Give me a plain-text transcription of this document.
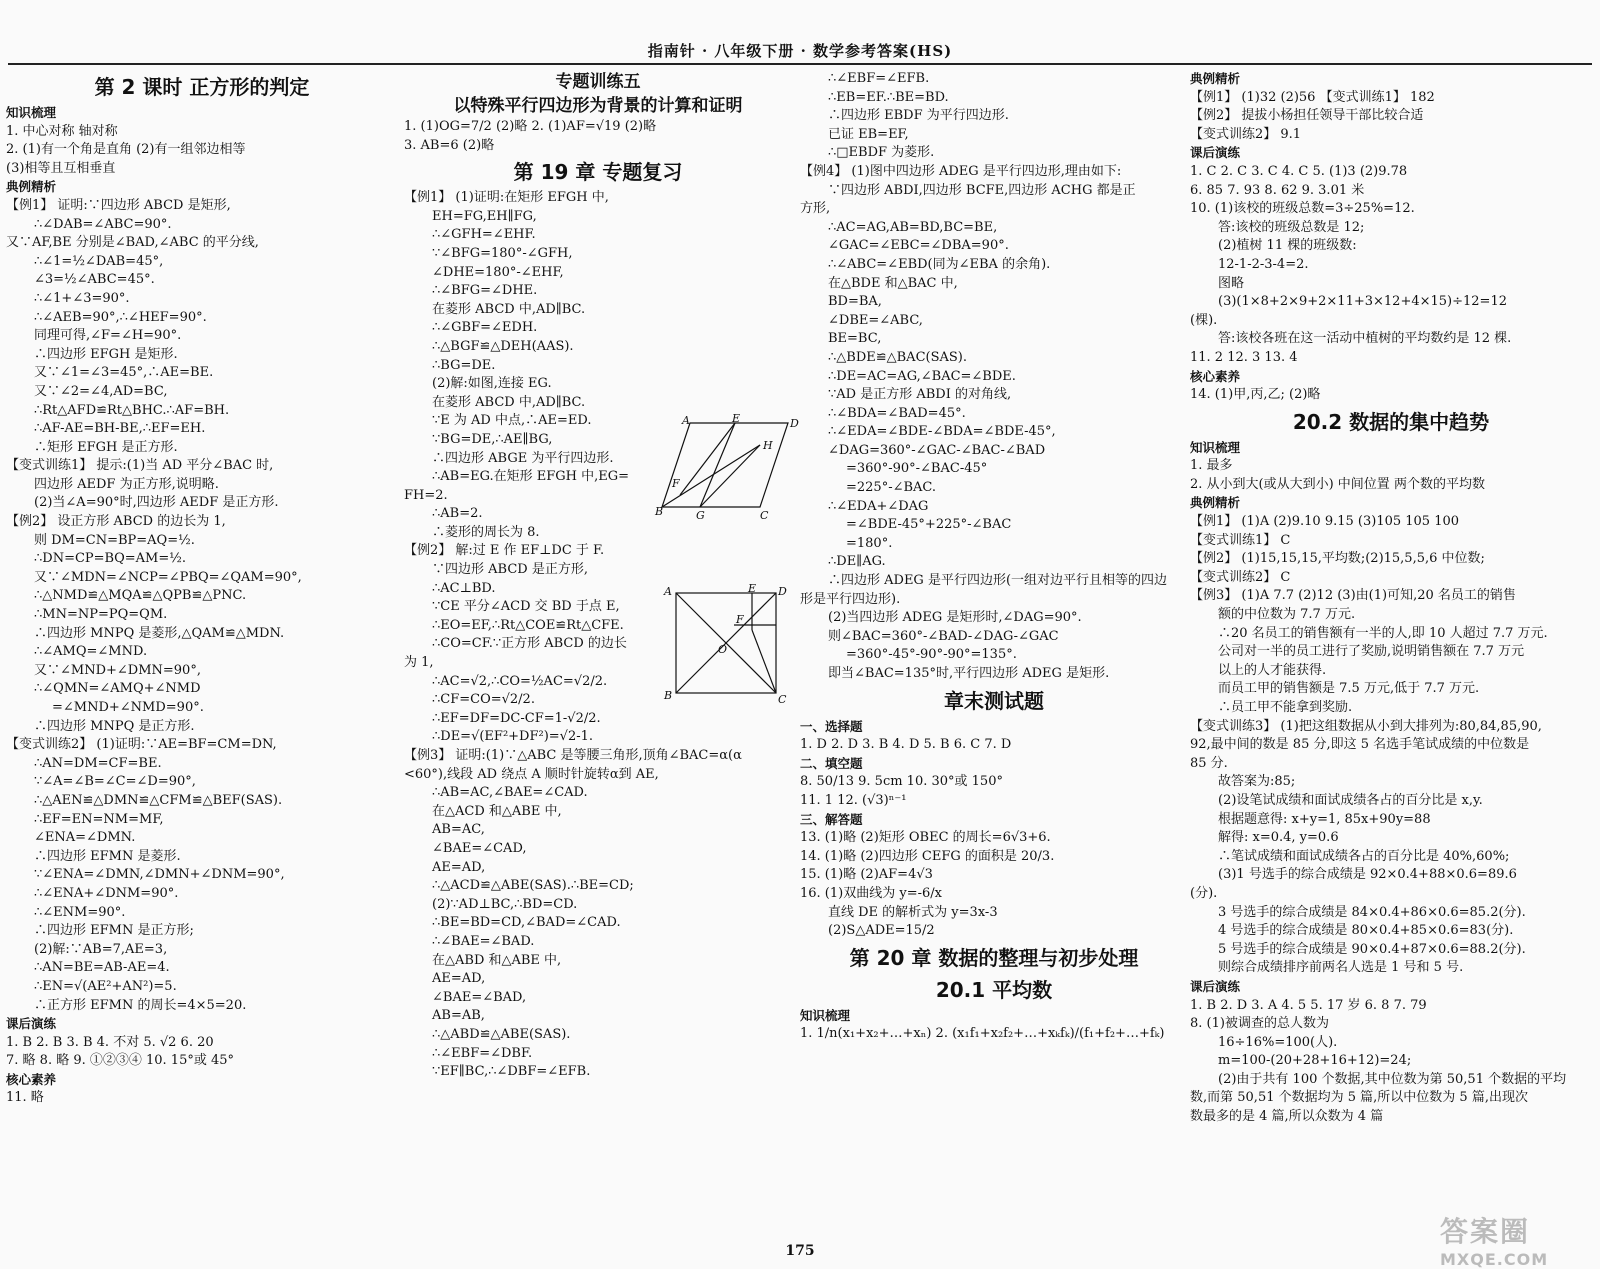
指南针 · 八年级下册 · 数学参考答案(HS)
第 2 课时 正方形的判定
知识梳理
1. 中心对称 轴对称
2. (1)有一个角是直角 (2)有一组邻边相等
(3)相等且互相垂直
典例精析
【例1】 证明:∵四边形 ABCD 是矩形,
∴∠DAB=∠ABC=90°.
又∵AF,BE 分别是∠BAD,∠ABC 的平分线,
∴∠1=½∠DAB=45°,
∠3=½∠ABC=45°.
∴∠1+∠3=90°.
∴∠AEB=90°,∴∠HEF=90°.
同理可得,∠F=∠H=90°.
∴四边形 EFGH 是矩形.
又∵∠1=∠3=45°,∴AE=BE.
又∵∠2=∠4,AD=BC,
∴Rt△AFD≌Rt△BHC.∴AF=BH.
∴AF-AE=BH-BE,∴EF=EH.
∴矩形 EFGH 是正方形.
【变式训练1】 提示:(1)当 AD 平分∠BAC 时,
四边形 AEDF 为正方形,说明略.
(2)当∠A=90°时,四边形 AEDF 是正方形.
【例2】 设正方形 ABCD 的边长为 1,
则 DM=CN=BP=AQ=½.
∴DN=CP=BQ=AM=½.
又∵∠MDN=∠NCP=∠PBQ=∠QAM=90°,
∴△NMD≌△MQA≌△QPB≌△PNC.
∴MN=NP=PQ=QM.
∴四边形 MNPQ 是菱形,△QAM≌△MDN.
∴∠AMQ=∠MND.
又∵∠MND+∠DMN=90°,
∴∠QMN=∠AMQ+∠NMD
=∠MND+∠NMD=90°.
∴四边形 MNPQ 是正方形.
【变式训练2】 (1)证明:∵AE=BF=CM=DN,
∴AN=DM=CF=BE.
∵∠A=∠B=∠C=∠D=90°,
∴△AEN≌△DMN≌△CFM≌△BEF(SAS).
∴EF=EN=NM=MF,
∠ENA=∠DMN.
∴四边形 EFMN 是菱形.
∵∠ENA=∠DMN,∠DMN+∠DNM=90°,
∴∠ENA+∠DNM=90°.
∴∠ENM=90°.
∴四边形 EFMN 是正方形;
(2)解:∵AB=7,AE=3,
∴AN=BE=AB-AE=4.
∴EN=√(AE²+AN²)=5.
∴正方形 EFMN 的周长=4×5=20.
课后演练
1. B 2. B 3. B 4. 不对 5. √2 6. 20
7. 略 8. 略 9. ①②③④ 10. 15°或 45°
核心素养
11. 略
专题训练五
以特殊平行四边形为背景的计算和证明
1. (1)OG=7/2 (2)略 2. (1)AF=√19 (2)略
3. AB=6 (2)略
第 19 章 专题复习
【例1】 (1)证明:在矩形 EFGH 中,
EH=FG,EH∥FG,
∴∠GFH=∠EHF.
∵∠BFG=180°-∠GFH,
∠DHE=180°-∠EHF,
∴∠BFG=∠DHE.
在菱形 ABCD 中,AD∥BC.
∴∠GBF=∠EDH.
∴△BGF≌△DEH(AAS).
∴BG=DE.
(2)解:如图,连接 EG.
在菱形 ABCD 中,AD∥BC.
∵E 为 AD 中点,∴AE=ED.
∵BG=DE,∴AE∥BG,
∴四边形 ABGE 为平行四边形.
∴AB=EG.在矩形 EFGH 中,EG=
FH=2.
∴AB=2.
∴菱形的周长为 8.
【例2】 解:过 E 作 EF⊥DC 于 F.
∵四边形 ABCD 是正方形,
∴AC⊥BD.
∵CE 平分∠ACD 交 BD 于点 E,
∴EO=EF,∴Rt△COE≌Rt△CFE.
∴CO=CF.∵正方形 ABCD 的边长
为 1,
∴AC=√2,∴CO=½AC=√2/2.
∴CF=CO=√2/2.
∴EF=DF=DC-CF=1-√2/2.
∴DE=√(EF²+DF²)=√2-1.
【例3】 证明:(1)∵△ABC 是等腰三角形,顶角∠BAC=α(α
<60°),线段 AD 绕点 A 顺时针旋转α到 AE,
∴AB=AC,∠BAE=∠CAD.
在△ACD 和△ABE 中,
AB=AC,
∠BAE=∠CAD,
AE=AD,
∴△ACD≌△ABE(SAS).∴BE=CD;
(2)∵AD⊥BC,∴BD=CD.
∴BE=BD=CD,∠BAD=∠CAD.
∴∠BAE=∠BAD.
在△ABD 和△ABE 中,
AE=AD,
∠BAE=∠BAD,
AB=AB,
∴△ABD≌△ABE(SAS).
∴∠EBF=∠DBF.
∵EF∥BC,∴∠DBF=∠EFB.
∴∠EBF=∠EFB.
∴EB=EF.∴BE=BD.
∴四边形 EBDF 为平行四边形.
已证 EB=EF,
∴□EBDF 为菱形.
【例4】 (1)图中四边形 ADEG 是平行四边形,理由如下:
∵四边形 ABDI,四边形 BCFE,四边形 ACHG 都是正
方形,
∴AC=AG,AB=BD,BC=BE,
∠GAC=∠EBC=∠DBA=90°.
∴∠ABC=∠EBD(同为∠EBA 的余角).
在△BDE 和△BAC 中,
BD=BA,
∠DBE=∠ABC,
BE=BC,
∴△BDE≌△BAC(SAS).
∴DE=AC=AG,∠BAC=∠BDE.
∵AD 是正方形 ABDI 的对角线,
∴∠BDA=∠BAD=45°.
∴∠EDA=∠BDE-∠BDA=∠BDE-45°,
∠DAG=360°-∠GAC-∠BAC-∠BAD
=360°-90°-∠BAC-45°
=225°-∠BAC.
∴∠EDA+∠DAG
=∠BDE-45°+225°-∠BAC
=180°.
∴DE∥AG.
∴四边形 ADEG 是平行四边形(一组对边平行且相等的四边
形是平行四边形).
(2)当四边形 ADEG 是矩形时,∠DAG=90°.
则∠BAC=360°-∠BAD-∠DAG-∠GAC
=360°-45°-90°-90°=135°.
即当∠BAC=135°时,平行四边形 ADEG 是矩形.
章末测试题
一、选择题
1. D 2. D 3. B 4. D 5. B 6. C 7. D
二、填空题
8. 50/13 9. 5cm 10. 30°或 150°
11. 1 12. (√3)ⁿ⁻¹
三、解答题
13. (1)略 (2)矩形 OBEC 的周长=6√3+6.
14. (1)略 (2)四边形 CEFG 的面积是 20/3.
15. (1)略 (2)AF=4√3
16. (1)双曲线为 y=-6/x
直线 DE 的解析式为 y=3x-3
(2)S△ADE=15/2
第 20 章 数据的整理与初步处理
20.1 平均数
知识梳理
1. 1/n(x₁+x₂+…+xₙ) 2. (x₁f₁+x₂f₂+…+xₖfₖ)/(f₁+f₂+…+fₖ)
典例精析
【例1】 (1)32 (2)56 【变式训练1】 182
【例2】 提拔小杨担任领导干部比较合适
【变式训练2】 9.1
课后演练
1. C 2. C 3. C 4. C 5. (1)3 (2)9.78
6. 85 7. 93 8. 62 9. 3.01 米
10. (1)该校的班级总数=3÷25%=12.
答:该校的班级总数是 12;
(2)植树 11 棵的班级数:
12-1-2-3-4=2.
图略
(3)(1×8+2×9+2×11+3×12+4×15)÷12=12
(棵).
答:该校各班在这一活动中植树的平均数约是 12 棵.
11. 2 12. 3 13. 4
核心素养
14. (1)甲,丙,乙; (2)略
20.2 数据的集中趋势
知识梳理
1. 最多
2. 从小到大(或从大到小) 中间位置 两个数的平均数
典例精析
【例1】 (1)A (2)9.10 9.15 (3)105 105 100
【变式训练1】 C
【例2】 (1)15,15,15,平均数;(2)15,5,5,6 中位数;
【变式训练2】 C
【例3】 (1)A 7.7 (2)12 (3)由(1)可知,20 名员工的销售
额的中位数为 7.7 万元.
∴20 名员工的销售额有一半的人,即 10 人超过 7.7 万元.
公司对一半的员工进行了奖励,说明销售额在 7.7 万元
以上的人才能获得.
而员工甲的销售额是 7.5 万元,低于 7.7 万元.
∴员工甲不能拿到奖励.
【变式训练3】 (1)把这组数据从小到大排列为:80,84,85,90,
92,最中间的数是 85 分,即这 5 名选手笔试成绩的中位数是
85 分.
故答案为:85;
(2)设笔试成绩和面试成绩各占的百分比是 x,y.
根据题意得: x+y=1, 85x+90y=88
解得: x=0.4, y=0.6
∴笔试成绩和面试成绩各占的百分比是 40%,60%;
(3)1 号选手的综合成绩是 92×0.4+88×0.6=89.6
(分).
3 号选手的综合成绩是 84×0.4+86×0.6=85.2(分).
4 号选手的综合成绩是 80×0.4+85×0.6=83(分).
5 号选手的综合成绩是 90×0.4+87×0.6=88.2(分).
则综合成绩排序前两名人选是 1 号和 5 号.
课后演练
1. B 2. D 3. A 4. 5 5. 17 岁 6. 8 7. 79
8. (1)被调查的总人数为
16÷16%=100(人).
m=100-(20+28+16+12)=24;
(2)由于共有 100 个数据,其中位数为第 50,51 个数据的平均
数,而第 50,51 个数据均为 5 篇,所以中位数为 5 篇,出现次
数最多的是 4 篇,所以众数为 4 篇
A	E	D
H
F
B	G	C
A	D
E
F
O
B	C
175
答案圈
MXQE.COM
